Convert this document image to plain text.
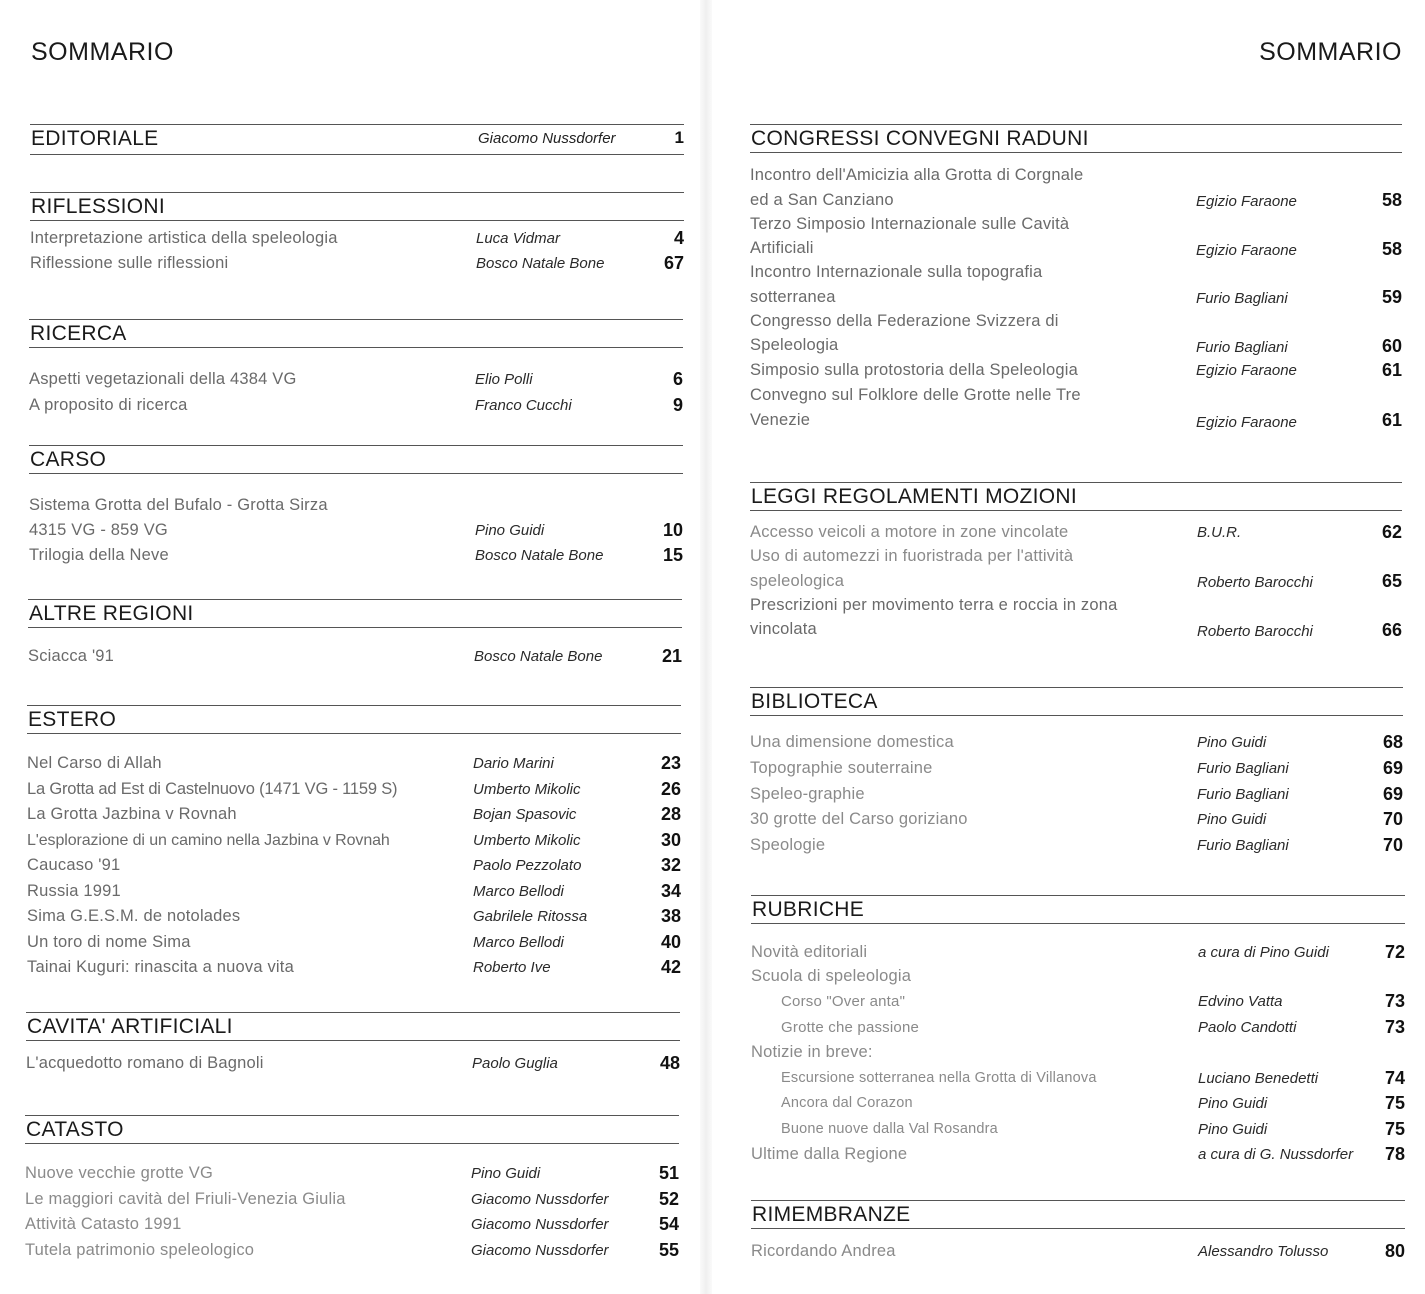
SOMMARIO
EDITORIALE	Giacomo Nussdorfer	1
RIFLESSIONI
Interpretazione artistica della speleologia	Luca Vidmar	4
Riflessione sulle riflessioni	Bosco Natale Bone	67
RICERCA
Aspetti vegetazionali della 4384 VG	Elio Polli	6
A proposito di ricerca	Franco Cucchi	9
CARSO
Sistema Grotta del Bufalo - Grotta Sirza
4315 VG - 859 VG	Pino Guidi	10
Trilogia della Neve	Bosco Natale Bone	15
ALTRE REGIONI
Sciacca '91	Bosco Natale Bone	21
ESTERO
Nel Carso di Allah	Dario Marini	23
La Grotta ad Est di Castelnuovo (1471 VG - 1159 S)	Umberto Mikolic	26
La Grotta Jazbina v Rovnah	Bojan Spasovic	28
L'esplorazione di un camino nella Jazbina v Rovnah	Umberto Mikolic	30
Caucaso '91	Paolo Pezzolato	32
Russia 1991	Marco Bellodi	34
Sima G.E.S.M. de notolades	Gabrilele Ritossa	38
Un toro di nome Sima	Marco Bellodi	40
Tainai Kuguri: rinascita a nuova vita	Roberto Ive	42
CAVITA' ARTIFICIALI
L'acquedotto romano di Bagnoli	Paolo Guglia	48
CATASTO
Nuove vecchie grotte VG	Pino Guidi	51
Le maggiori cavità del Friuli-Venezia Giulia	Giacomo Nussdorfer	52
Attività Catasto 1991	Giacomo Nussdorfer	54
Tutela patrimonio speleologico	Giacomo Nussdorfer	55
SOMMARIO
CONGRESSI CONVEGNI RADUNI
Incontro dell'Amicizia alla Grotta di Corgnale
ed a San Canziano	Egizio Faraone	58
Terzo Simposio Internazionale sulle Cavità
Artificiali	Egizio Faraone	58
Incontro Internazionale sulla topografia
sotterranea	Furio Bagliani	59
Congresso della Federazione Svizzera di
Speleologia	Furio Bagliani	60
Simposio sulla protostoria della Speleologia	Egizio Faraone	61
Convegno sul Folklore delle Grotte nelle Tre
Venezie	Egizio Faraone	61
LEGGI REGOLAMENTI MOZIONI
Accesso veicoli a motore in zone vincolate	B.U.R.	62
Uso di automezzi in fuoristrada per l'attività
speleologica	Roberto Barocchi	65
Prescrizioni per movimento terra e roccia in zona
vincolata	Roberto Barocchi	66
BIBLIOTECA
Una dimensione domestica	Pino Guidi	68
Topographie souterraine	Furio Bagliani	69
Speleo-graphie	Furio Bagliani	69
30 grotte del Carso goriziano	Pino Guidi	70
Speologie	Furio Bagliani	70
RUBRICHE
Novità editoriali	a cura di Pino Guidi	72
Scuola di speleologia
Corso "Over anta"	Edvino Vatta	73
Grotte che passione	Paolo Candotti	73
Notizie in breve:
Escursione sotterranea nella Grotta di Villanova	Luciano Benedetti	74
Ancora dal Corazon	Pino Guidi	75
Buone nuove dalla Val Rosandra	Pino Guidi	75
Ultime dalla Regione	a cura di G. Nussdorfer 78
RIMEMBRANZE
Ricordando Andrea	Alessandro Tolusso	80
